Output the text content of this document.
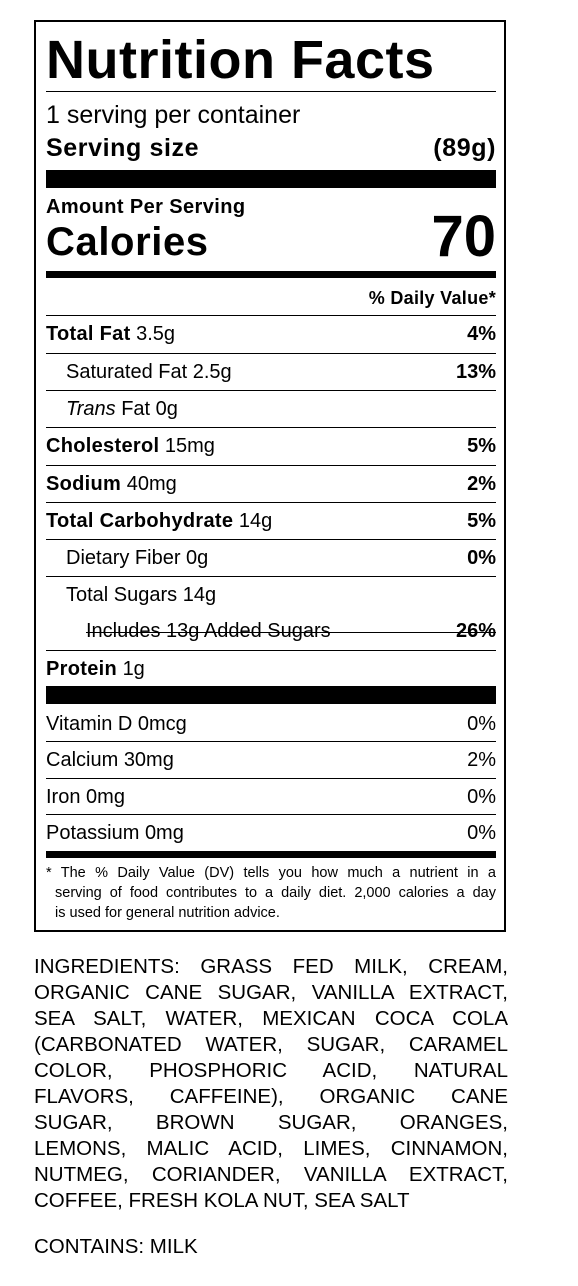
Nutrition Facts
1 serving per container
Serving size	(89g)
Amount Per Serving
Calories	70
% Daily Value*
Total Fat 3.5g	4%
Saturated Fat 2.5g	13%
Trans Fat 0g
Cholesterol 15mg	5%
Sodium 40mg	2%
Total Carbohydrate 14g	5%
Dietary Fiber 0g	0%
Total Sugars 14g
Includes 13g Added Sugars	26%
Protein 1g
Vitamin D 0mcg	0%
Calcium 30mg	2%
Iron 0mg	0%
Potassium 0mg	0%
* The % Daily Value (DV) tells you how much a nutrient in a
serving of food contributes to a daily diet. 2,000 calories a day
is used for general nutrition advice.
INGREDIENTS: GRASS FED MILK, CREAM,
ORGANIC CANE SUGAR, VANILLA EXTRACT,
SEA SALT, WATER, MEXICAN COCA COLA
(CARBONATED WATER, SUGAR, CARAMEL
COLOR, PHOSPHORIC ACID, NATURAL
FLAVORS, CAFFEINE), ORGANIC CANE
SUGAR, BROWN SUGAR, ORANGES,
LEMONS, MALIC ACID, LIMES, CINNAMON,
NUTMEG, CORIANDER, VANILLA EXTRACT,
COFFEE, FRESH KOLA NUT, SEA SALT
CONTAINS: MILK
